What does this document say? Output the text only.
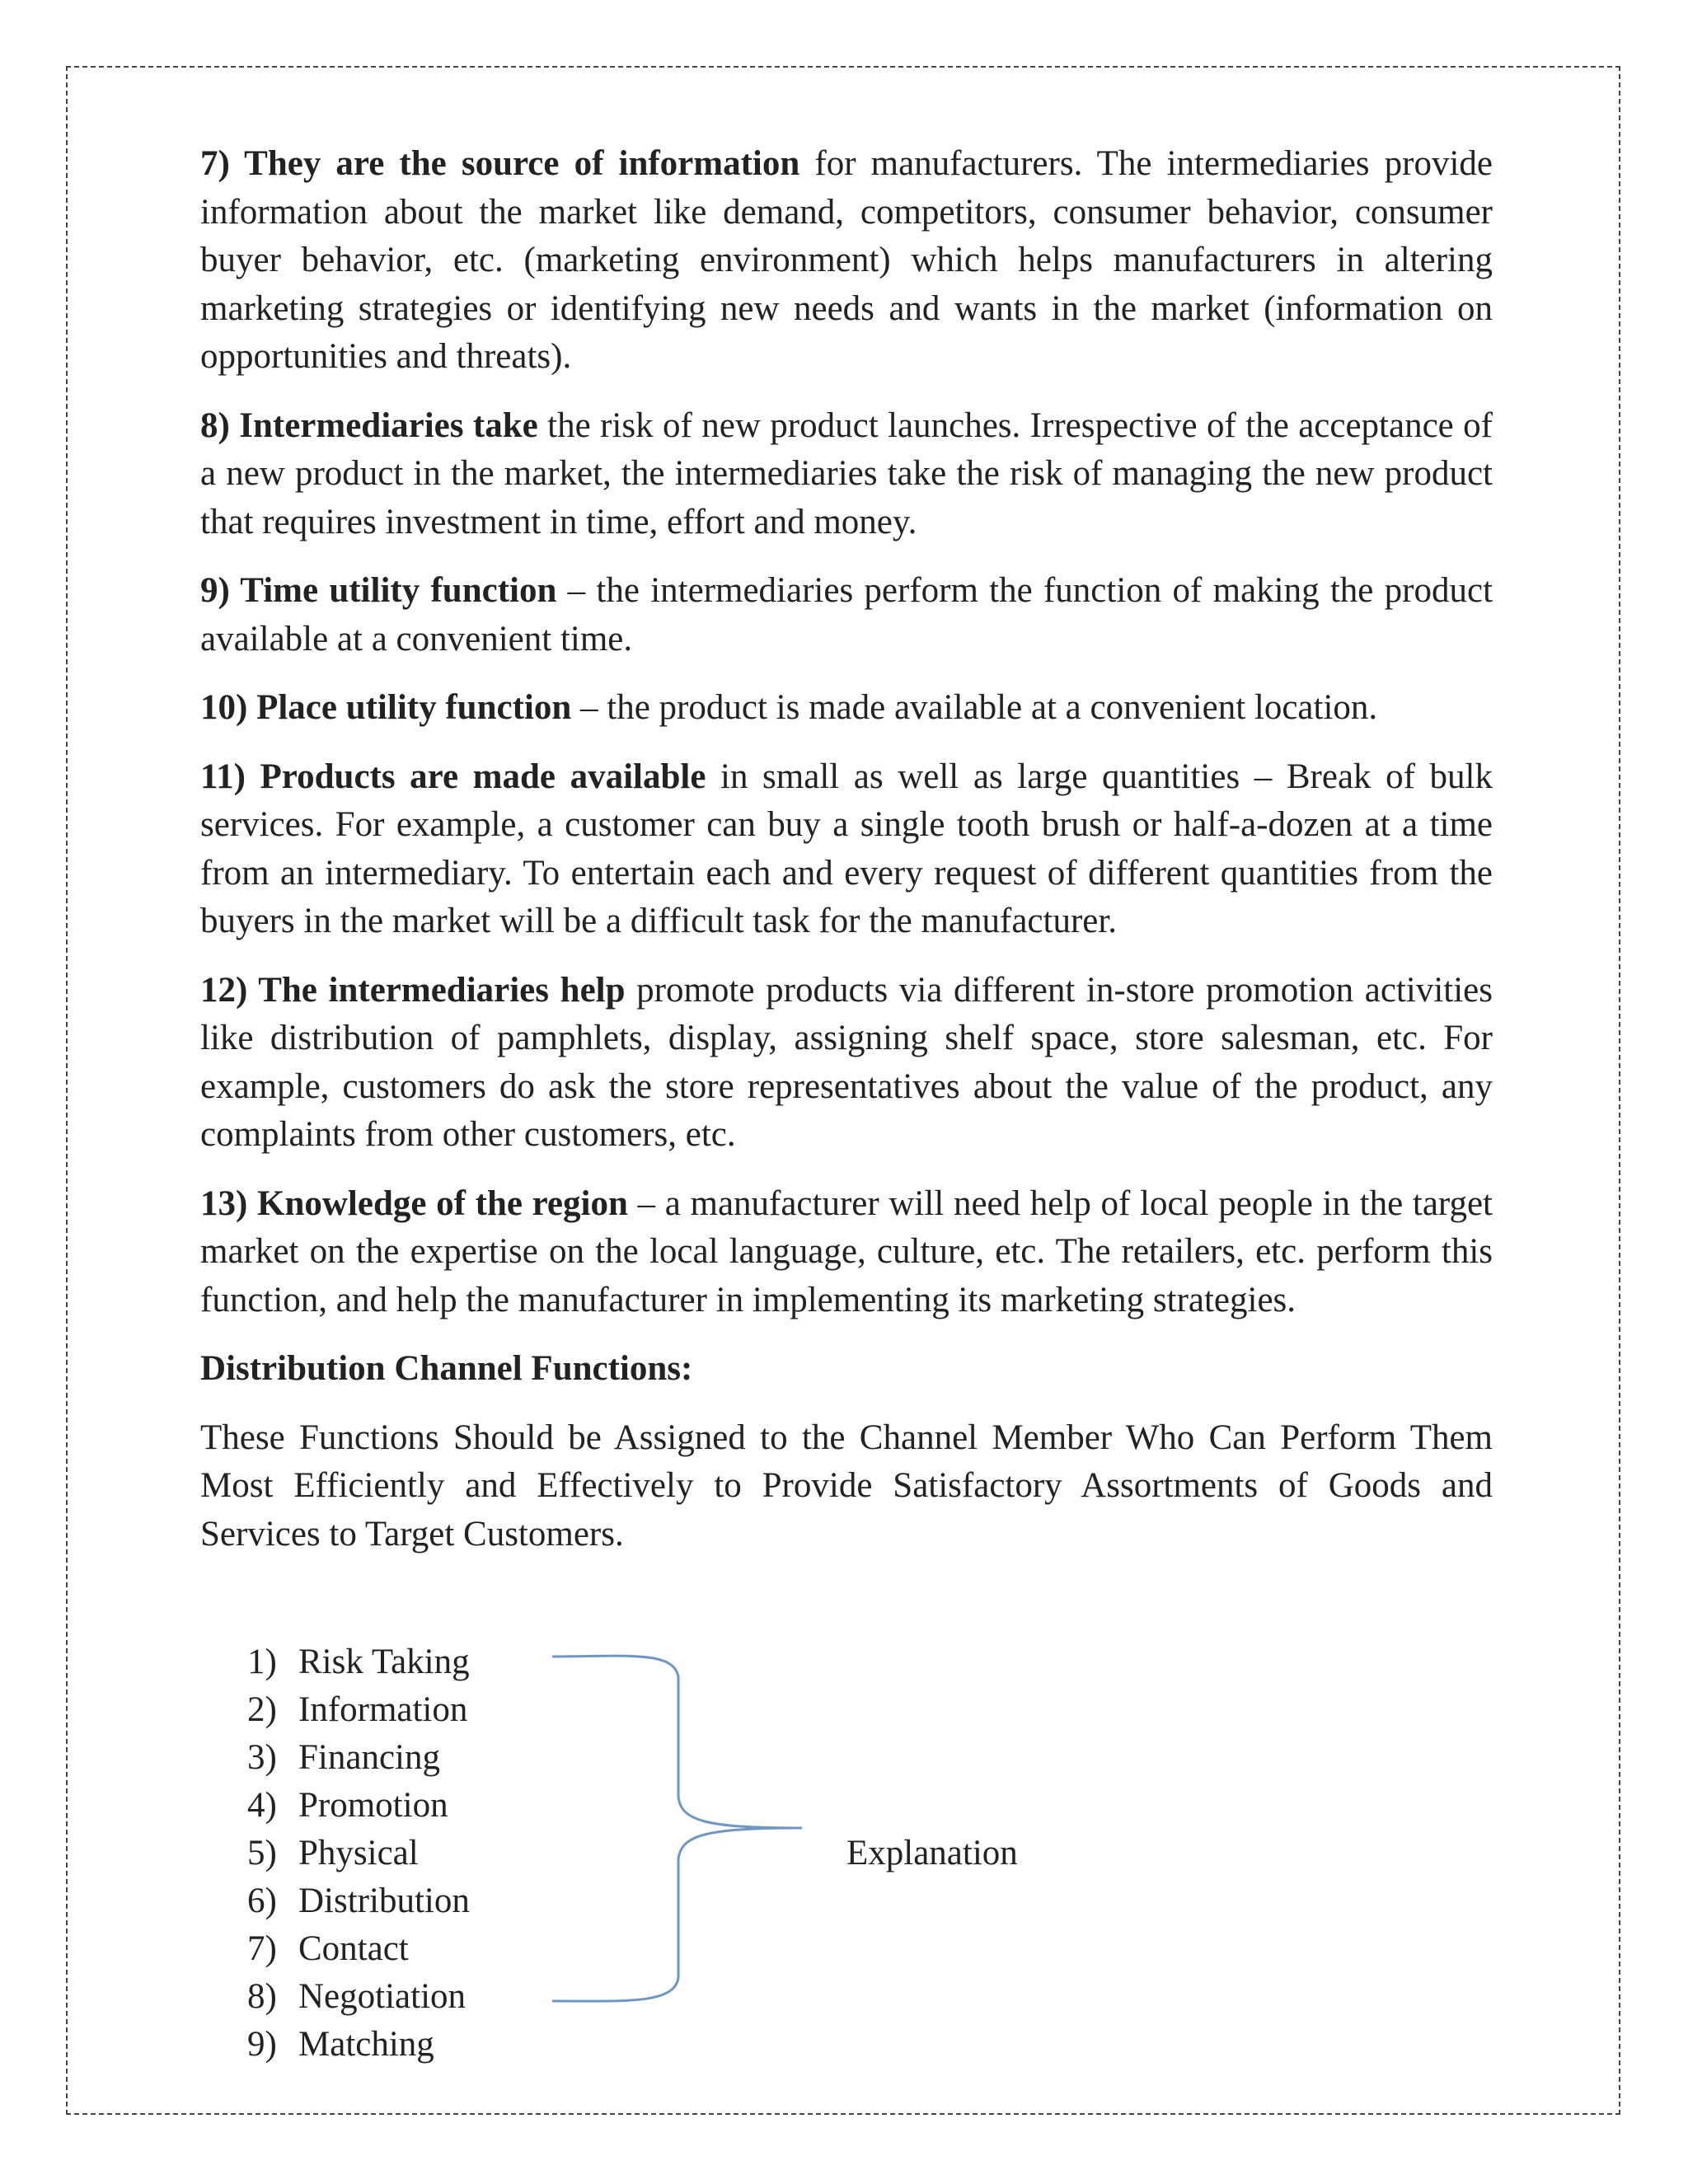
7) They are the source of information for manufacturers. The intermediaries provide information about the market like demand, competitors, consumer behavior, consumer buyer behavior, etc. (marketing environment) which helps manufacturers in altering marketing strategies or identifying new needs and wants in the market (information on opportunities and threats).

8) Intermediaries take the risk of new product launches. Irrespective of the acceptance of a new product in the market, the intermediaries take the risk of managing the new product that requires investment in time, effort and money.

9) Time utility function – the intermediaries perform the function of making the product available at a convenient time.

10) Place utility function – the product is made available at a convenient location.

11) Products are made available in small as well as large quantities – Break of bulk services. For example, a customer can buy a single tooth brush or half-a-dozen at a time from an intermediary. To entertain each and every request of different quantities from the buyers in the market will be a difficult task for the manufacturer.

12) The intermediaries help promote products via different in-store promotion activities like distribution of pamphlets, display, assigning shelf space, store salesman, etc. For example, customers do ask the store representatives about the value of the product, any complaints from other customers, etc.

13) Knowledge of the region – a manufacturer will need help of local people in the target market on the expertise on the local language, culture, etc. The retailers, etc. perform this function, and help the manufacturer in implementing its marketing strategies.

Distribution Channel Functions:

These Functions Should be Assigned to the Channel Member Who Can Perform Them Most Efficiently and Effectively to Provide Satisfactory Assortments of Goods and Services to Target Customers.

1) Risk Taking
2) Information
3) Financing
4) Promotion
5) Physical
6) Distribution
7) Contact
8) Negotiation
9) Matching
Explanation
